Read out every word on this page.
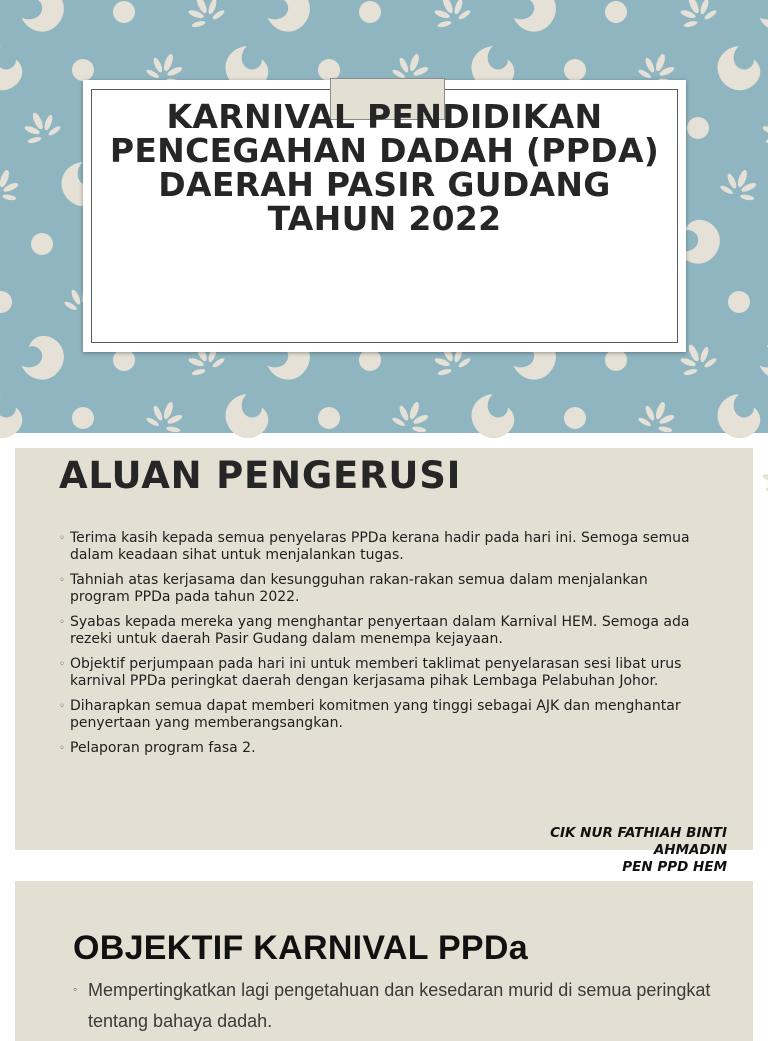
KARNIVAL PENDIDIKAN
PENCEGAHAN DADAH (PPDA)
DAERAH PASIR GUDANG
TAHUN 2022
ALUAN PENGERUSI
◦ Terima kasih kepada semua penyelaras PPDa kerana hadir pada hari ini. Semoga semua
dalam keadaan sihat untuk menjalankan tugas.
◦ Tahniah atas kerjasama dan kesungguhan rakan-rakan semua dalam menjalankan
program PPDa pada tahun 2022.
◦ Syabas kepada mereka yang menghantar penyertaan dalam Karnival HEM. Semoga ada
rezeki untuk daerah Pasir Gudang dalam menempa kejayaan.
◦ Objektif perjumpaan pada hari ini untuk memberi taklimat penyelarasan sesi libat urus
karnival PPDa peringkat daerah dengan kerjasama pihak Lembaga Pelabuhan Johor.
◦ Diharapkan semua dapat memberi komitmen yang tinggi sebagai AJK dan menghantar
penyertaan yang memberangsangkan.
◦ Pelaporan program fasa 2.
CIK NUR FATHIAH BINTI
AHMADIN
PEN PPD HEM
OBJEKTIF KARNIVAL PPDa
◦ Mempertingkatkan lagi pengetahuan dan kesedaran murid di semua peringkat
tentang bahaya dadah.
